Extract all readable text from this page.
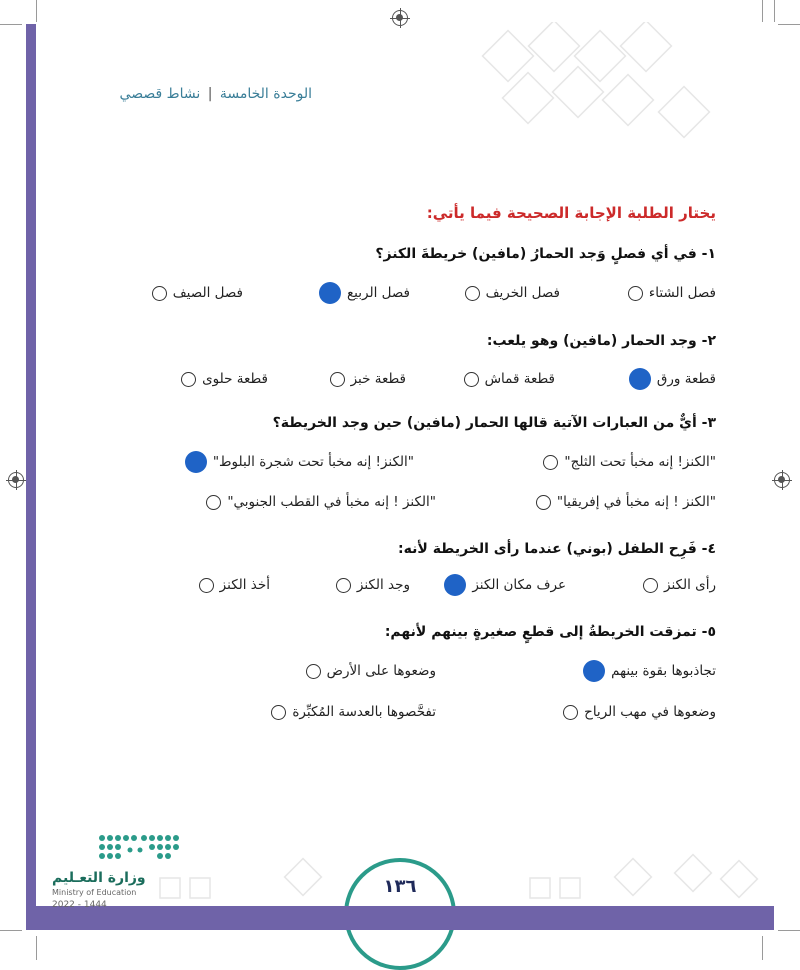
الوحدة الخامسة | نشاط قصصي
يختار الطلبة الإجابة الصحيحة فيما يأتي:
١- في أي فصلٍ وَجد الحمارُ (مافين) خريطةَ الكنز؟
فصل الشتاء
فصل الخريف
فصل الربيع
فصل الصيف
٢- وجد الحمار (مافين) وهو يلعب:
قطعة ورق
قطعة قماش
قطعة خبز
قطعة حلوى
٣- أيٌّ من العبارات الآتية قالها الحمار (مافين) حين وجد الخريطة؟
"الكنز! إنه مخبأ تحت الثلج"
"الكنز! إنه مخبأ تحت شجرة البلوط"
"الكنز ! إنه مخبأ في إفريقيا"
"الكنز ! إنه مخبأ في القطب الجنوبي"
٤- فَرِح الطفل (بوني) عندما رأى الخريطة لأنه:
رأى الكنز
عرف مكان الكنز
وجد الكنز
أخذ الكنز
٥- تمزقت الخريطةُ إلى قطعٍ صغيرةٍ بينهم لأنهم:
تجاذبوها بقوة بينهم
وضعوها على الأرض
وضعوها في مهب الرياح
تفحَّصوها بالعدسة المُكبِّرة
وزارة التعـليم
Ministry of Education
2022 - 1444
١٣٦
